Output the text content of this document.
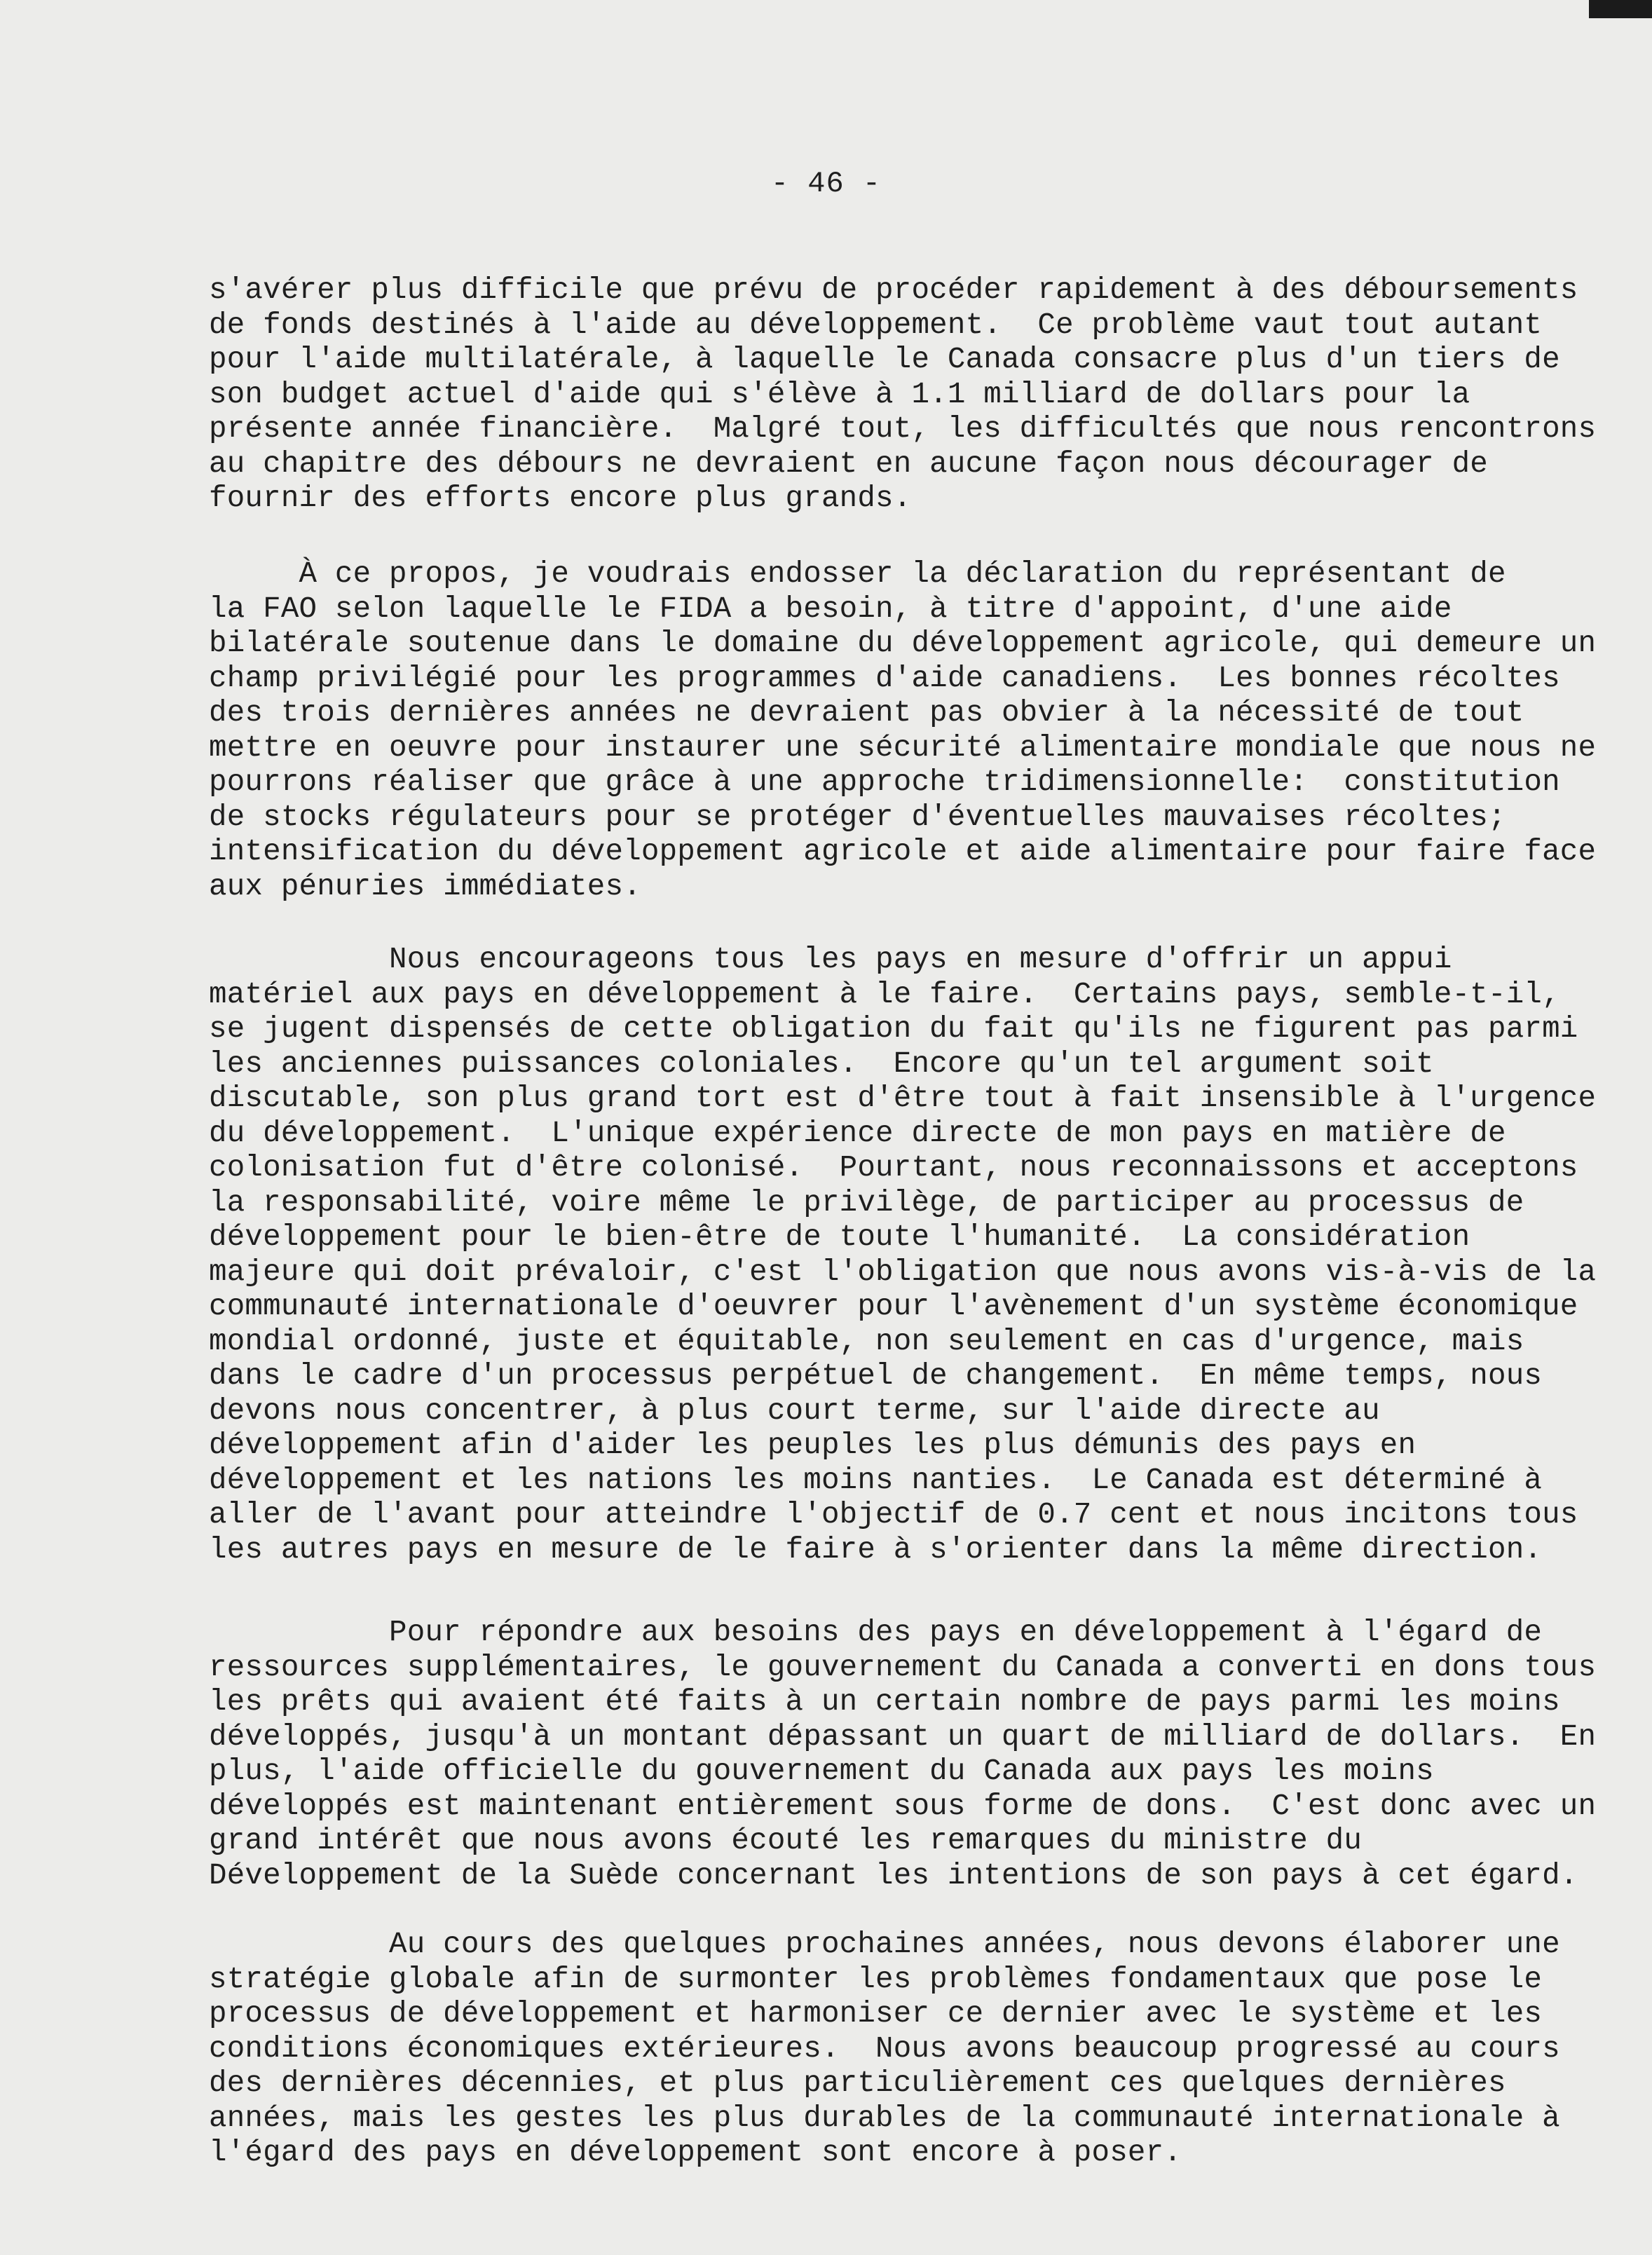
- 46 -
s'avérer plus difficile que prévu de procéder rapidement à des déboursements
de fonds destinés à l'aide au développement.  Ce problème vaut tout autant
pour l'aide multilatérale, à laquelle le Canada consacre plus d'un tiers de
son budget actuel d'aide qui s'élève à 1.1 milliard de dollars pour la
présente année financière.  Malgré tout, les difficultés que nous rencontrons
au chapitre des débours ne devraient en aucune façon nous décourager de
fournir des efforts encore plus grands.
À ce propos, je voudrais endosser la déclaration du représentant de
la FAO selon laquelle le FIDA a besoin, à titre d'appoint, d'une aide
bilatérale soutenue dans le domaine du développement agricole, qui demeure un
champ privilégié pour les programmes d'aide canadiens.  Les bonnes récoltes
des trois dernières années ne devraient pas obvier à la nécessité de tout
mettre en oeuvre pour instaurer une sécurité alimentaire mondiale que nous ne
pourrons réaliser que grâce à une approche tridimensionnelle:  constitution
de stocks régulateurs pour se protéger d'éventuelles mauvaises récoltes;
intensification du développement agricole et aide alimentaire pour faire face
aux pénuries immédiates.
Nous encourageons tous les pays en mesure d'offrir un appui
matériel aux pays en développement à le faire.  Certains pays, semble-t-il,
se jugent dispensés de cette obligation du fait qu'ils ne figurent pas parmi
les anciennes puissances coloniales.  Encore qu'un tel argument soit
discutable, son plus grand tort est d'être tout à fait insensible à l'urgence
du développement.  L'unique expérience directe de mon pays en matière de
colonisation fut d'être colonisé.  Pourtant, nous reconnaissons et acceptons
la responsabilité, voire même le privilège, de participer au processus de
développement pour le bien-être de toute l'humanité.  La considération
majeure qui doit prévaloir, c'est l'obligation que nous avons vis-à-vis de la
communauté internationale d'oeuvrer pour l'avènement d'un système économique
mondial ordonné, juste et équitable, non seulement en cas d'urgence, mais
dans le cadre d'un processus perpétuel de changement.  En même temps, nous
devons nous concentrer, à plus court terme, sur l'aide directe au
développement afin d'aider les peuples les plus démunis des pays en
développement et les nations les moins nanties.  Le Canada est déterminé à
aller de l'avant pour atteindre l'objectif de 0.7 cent et nous incitons tous
les autres pays en mesure de le faire à s'orienter dans la même direction.
Pour répondre aux besoins des pays en développement à l'égard de
ressources supplémentaires, le gouvernement du Canada a converti en dons tous
les prêts qui avaient été faits à un certain nombre de pays parmi les moins
développés, jusqu'à un montant dépassant un quart de milliard de dollars.  En
plus, l'aide officielle du gouvernement du Canada aux pays les moins
développés est maintenant entièrement sous forme de dons.  C'est donc avec un
grand intérêt que nous avons écouté les remarques du ministre du
Développement de la Suède concernant les intentions de son pays à cet égard.
Au cours des quelques prochaines années, nous devons élaborer une
stratégie globale afin de surmonter les problèmes fondamentaux que pose le
processus de développement et harmoniser ce dernier avec le système et les
conditions économiques extérieures.  Nous avons beaucoup progressé au cours
des dernières décennies, et plus particulièrement ces quelques dernières
années, mais les gestes les plus durables de la communauté internationale à
l'égard des pays en développement sont encore à poser.
